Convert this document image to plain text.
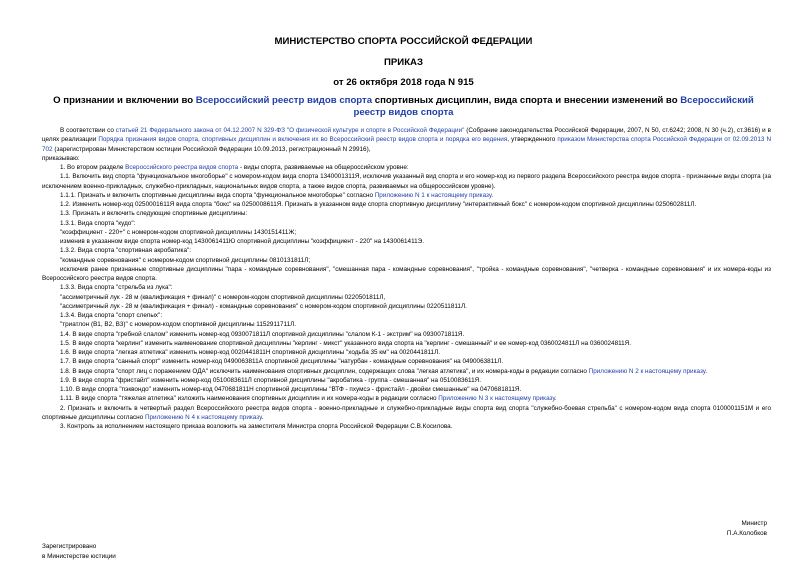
МИНИСТЕРСТВО СПОРТА РОССИЙСКОЙ ФЕДЕРАЦИИ
ПРИКАЗ
от 26 октября 2018 года N 915
О признании и включении во Всероссийский реестр видов спорта спортивных дисциплин, вида спорта и внесении изменений во Всероссийский реестр видов спорта

В соответствии со статьей 21 Федерального закона от 04.12.2007 N 329-ФЗ "О физической культуре и спорте в Российской Федерации" (Собрание законодательства Российской Федерации, 2007, N 50, ст.6242; 2008, N 30 (ч.2), ст.3616) и в целях реализации Порядка признания видов спорта, спортивных дисциплин и включения их во Всероссийский реестр видов спорта и порядка его ведения, утвержденного приказом Министерства спорта Российской Федерации от 02.09.2013 N 702 (зарегистрирован Министерством юстиции Российской Федерации 10.09.2013, регистрационный N 29916),

приказываю:

1. Во втором разделе Всероссийского реестра видов спорта - виды спорта, развиваемые на общероссийском уровне:

1.1. Включить вид спорта "функциональное многоборье" с номером-кодом вида спорта 1340001311Я, исключив указанный вид спорта и его номер-код из первого раздела Всероссийского реестра видов спорта - признанные виды спорта (за исключением военно-прикладных, служебно-прикладных, национальных видов спорта, а также видов спорта, развиваемых на общероссийском уровне).

1.1.1. Признать и включить спортивные дисциплины вида спорта "функциональное многоборье" согласно Приложению N 1 к настоящему приказу.

1.2. Изменить номер-код 0250001611Я вида спорта "бокс" на 0250008611Я. Признать в указанном виде спорта спортивную дисциплину "интерактивный бокс" с номером-кодом спортивной дисциплины 0250602811Л.

1.3. Признать и включить следующие спортивные дисциплины:

1.3.1. Вида спорта "кудо":

"коэффициент - 220+" с номером-кодом спортивной дисциплины 1430151411Ж;

изменив в указанном виде спорта номер-код 1430061411Ю спортивной дисциплины "коэффициент - 220" на 1430061411Э.

1.3.2. Вида спорта "спортивная акробатика":

"командные соревнования" с номером-кодом спортивной дисциплины 0810131811Л;

исключив ранее признанные спортивные дисциплины "пара - командные соревнования", "смешанная пара - командные соревнования", "тройка - командные соревнования", "четверка - командные соревнования" и их номера-коды из Всероссийского реестра видов спорта.

1.3.3. Вида спорта "стрельба из лука":

"ассиметричный лук - 28 м (квалификация + финал)" с номером-кодом спортивной дисциплины 0220501811Л,

"ассиметричный лук - 28 м (квалификация + финал) - командные соревнования" с номером-кодом спортивной дисциплины 0220511811Л.

1.3.4. Вида спорта "спорт слепых":

"триатлон (В1, В2, В3)" с номером-кодом спортивной дисциплины 1152911711Л.

1.4. В виде спорта "гребной слалом" изменить номер-код 0930071811Л спортивной дисциплины "слалом К-1 - экстрим" на 0930071811Я.

1.5. В виде спорта "керлинг" изменить наименование спортивной дисциплины "керлинг - микст" указанного вида спорта на "керлинг - смешанный" и ее номер-код 0360024811Л на 0360024811Я.

1.6. В виде спорта "легкая атлетика" изменить номер-код 0020441811Н спортивной дисциплины "ходьба 35 км" на 0020441811Л.

1.7. В виде спорта "санный спорт" изменить номер-код 0490063811А спортивной дисциплины "натурбан - командные соревнования" на 0490063811Л.

1.8. В виде спорта "спорт лиц с поражением ОДА" исключить наименования спортивных дисциплин, содержащих слова "легкая атлетика", и их номера-коды в редакции согласно Приложению N 2 к настоящему приказу.

1.9. В виде спорта "фристайл" изменить номер-код 0510083611Л спортивной дисциплины "акробатика - группа - смешанная" на 0510083611Я.

1.10. В виде спорта "пэквондо" изменить номер-код 0470681811Н спортивной дисциплины "ВТФ - пхумсэ - фристайл - двойки смешанные" на 0470681811Я.

1.11. В виде спорта "тяжелая атлетика" изложить наименования спортивных дисциплин и их номера-коды в редакции согласно Приложению N 3 к настоящему приказу.

2. Признать и включить в четвертый раздел Всероссийского реестра видов спорта - военно-прикладные и служебно-прикладные виды спорта вид спорта "служебно-боевая стрельба" с номером-кодом вида спорта 0100001151М и его спортивные дисциплины согласно Приложению N 4 к настоящему приказу.

3. Контроль за исполнением настоящего приказа возложить на заместителя Министра спорта Российской Федерации С.В.Косилова.

Министр
П.А.Колобков
Зарегистрировано
в Министерстве юстиции
